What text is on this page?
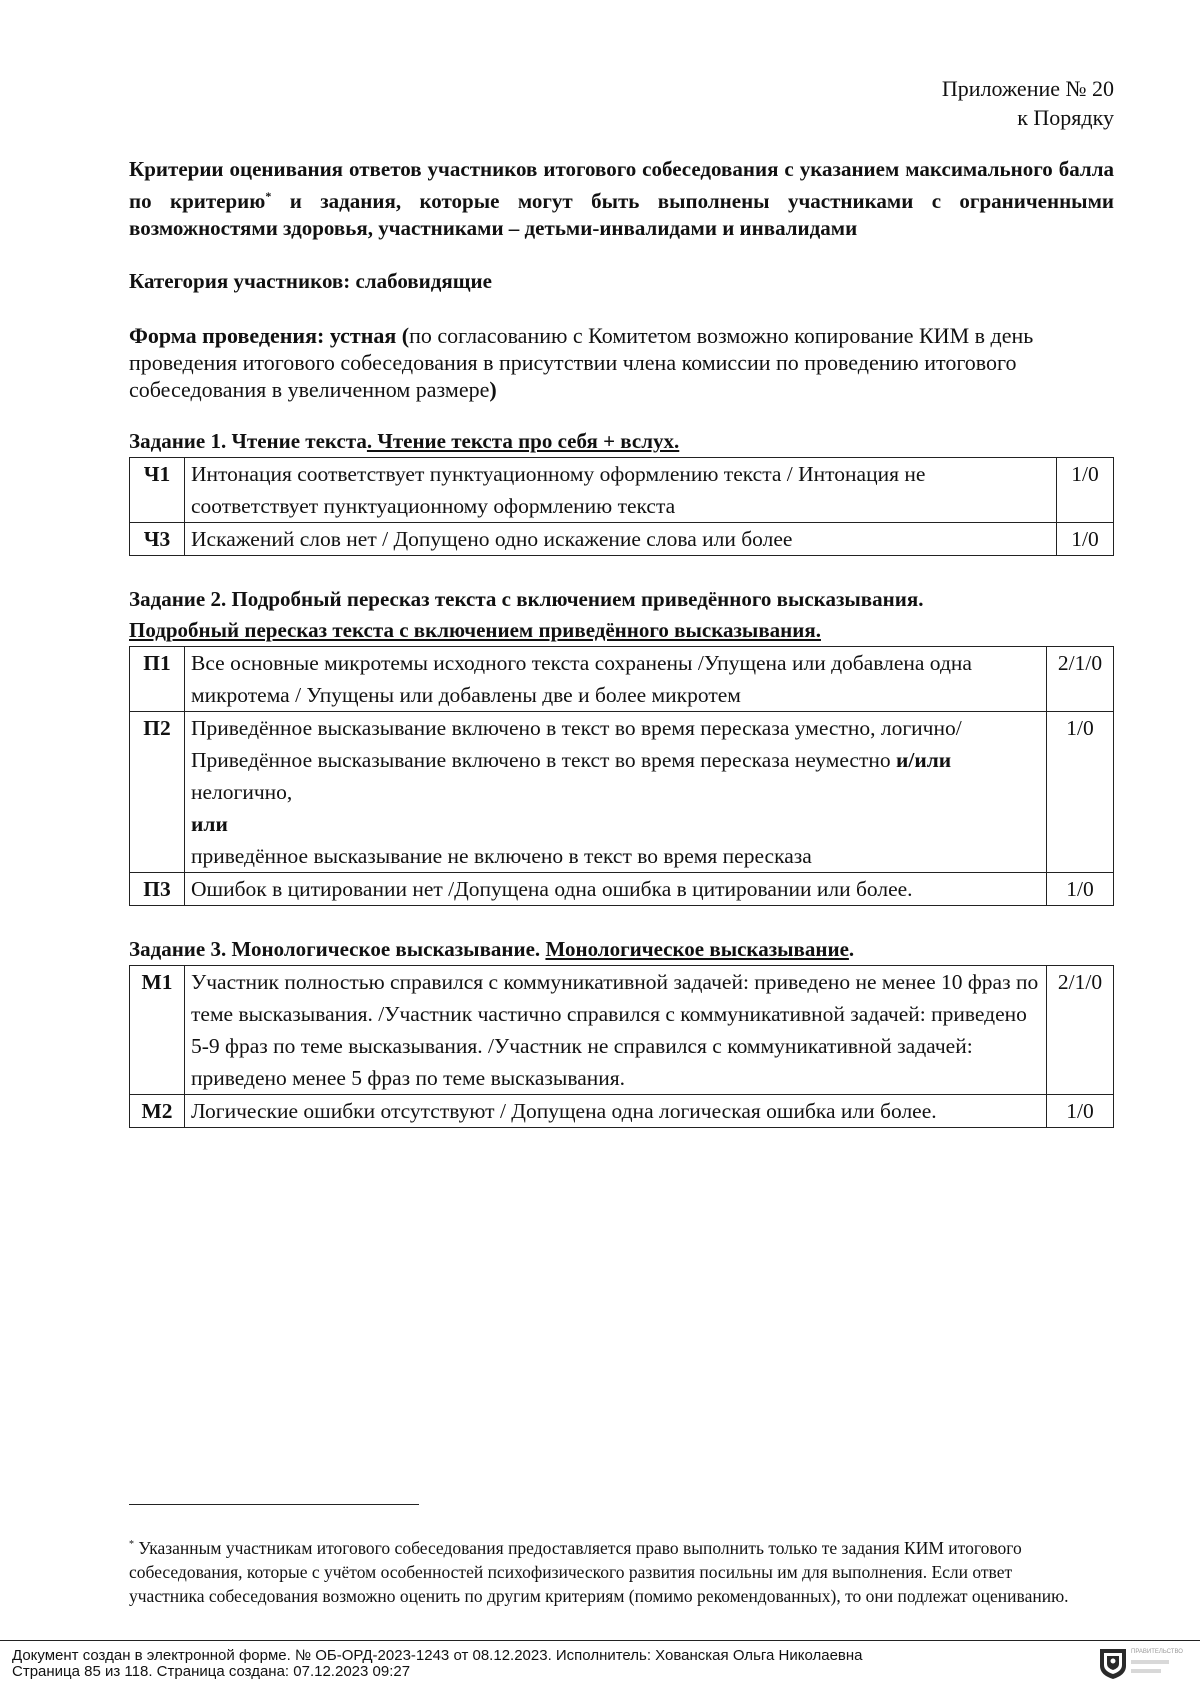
Приложение № 20
к Порядку

Критерии оценивания ответов участников итогового собеседования с указанием максимального балла по критерию* и задания, которые могут быть выполнены участниками с ограниченными возможностями здоровья, участниками – детьми-инвалидами и инвалидами

Категория участников: слабовидящие
Форма проведения: устная (по согласованию с Комитетом возможно копирование КИМ в день проведения итогового собеседования в присутствии члена комиссии по проведению итогового собеседования в увеличенном размере)
Задание 1. Чтение текста. Чтение текста про себя + вслух.
Ч1	Интонация соответствует пунктуационному оформлению текста / Интонация не соответствует пунктуационному оформлению текста	1/0
Ч3	Искажений слов нет / Допущено одно искажение слова или более	1/0
Задание 2. Подробный пересказ текста с включением приведённого высказывания.
Подробный пересказ текста с включением приведённого высказывания.
П1	Все основные микротемы исходного текста сохранены /Упущена или добавлена одна микротема / Упущены или добавлены две и более микротем	2/1/0
П2	Приведённое высказывание включено в текст во время пересказа уместно, логично/ Приведённое высказывание включено в текст во время пересказа неуместно и/или нелогично,
или
приведённое высказывание не включено в текст во время пересказа	1/0
П3	Ошибок в цитировании нет /Допущена одна ошибка в цитировании или более.	1/0
Задание 3. Монологическое высказывание. Монологическое высказывание.
М1	Участник полностью справился с коммуникативной задачей: приведено не менее 10 фраз по теме высказывания. /Участник частично справился с коммуникативной задачей: приведено 5-9 фраз по теме высказывания. /Участник не справился с коммуникативной задачей: приведено менее 5 фраз по теме высказывания.	2/1/0
М2	Логические ошибки отсутствуют / Допущена одна логическая ошибка или более.	1/0
* Указанным участникам итогового собеседования предоставляется право выполнить только те задания КИМ итогового собеседования, которые с учётом особенностей психофизического развития посильны им для выполнения. Если ответ участника собеседования возможно оценить по другим критериям (помимо рекомендованных), то они подлежат оцениванию.
Документ создан в электронной форме. № ОБ-ОРД-2023-1243 от 08.12.2023. Исполнитель: Хованская Ольга Николаевна
Страница 85 из 118. Страница создана: 07.12.2023 09:27
ПРАВИТЕЛЬСТВО
